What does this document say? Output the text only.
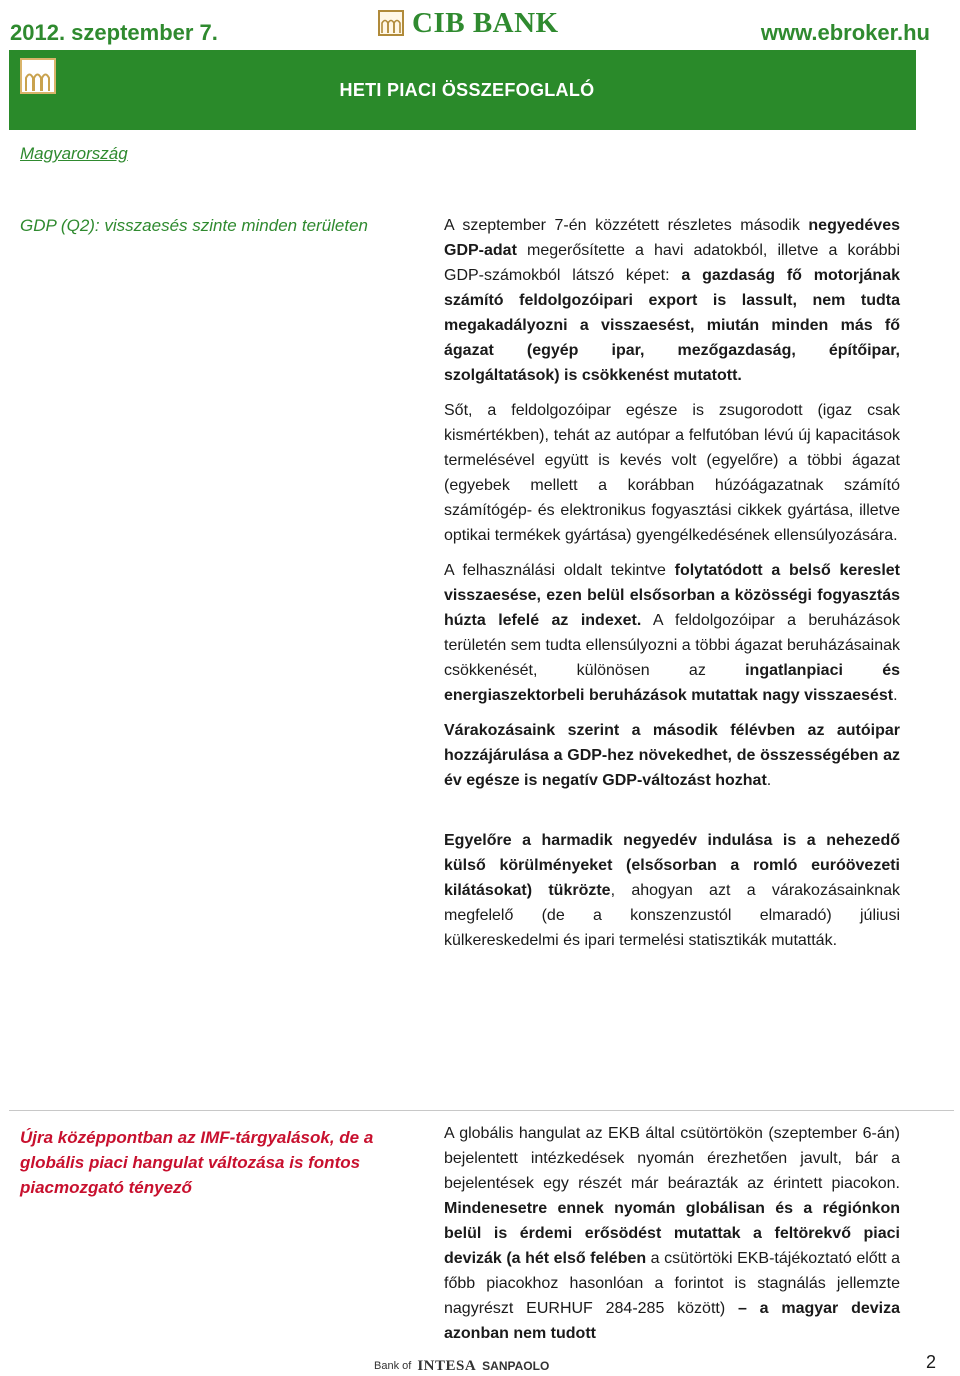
2012. szeptember 7.	CIB BANK	www.ebroker.hu
HETI PIACI ÖSSZEFOGLALÓ
Magyarország
GDP (Q2): visszaesés szinte minden területen	A szeptember 7-én közzétett részletes második negyedéves GDP-adat megerősítette a havi adatokból, illetve a korábbi GDP-számokból látszó képet: a gazdaság fő motorjának számító feldolgozóipari export is lassult, nem tudta megakadályozni a visszaesést, miután minden más fő ágazat (egyép ipar, mezőgazdaság, építőipar, szolgáltatások) is csökkenést mutatott.

Sőt, a feldolgozóipar egésze is zsugorodott (igaz csak kismértékben), tehát az autópar a felfutóban lévú új kapacitások termelésével együtt is kevés volt (egyelőre) a többi ágazat (egyebek mellett a korábban húzóágazatnak számító számítógép- és elektronikus fogyasztási cikkek gyártása, illetve optikai termékek gyártása) gyengélkedésének ellensúlyozására.

A felhasználási oldalt tekintve folytatódott a belső kereslet visszaesése, ezen belül elsősorban a közösségi fogyasztás húzta lefelé az indexet. A feldolgozóipar a beruházások területén sem tudta ellensúlyozni a többi ágazat beruházásainak csökkenését, különösen az ingatlanpiaci és energiaszektorbeli beruházások mutattak nagy visszaesést.

Várakozásaink szerint a második félévben az autóipar hozzájárulása a GDP-hez növekedhet, de összességében az év egésze is negatív GDP-változást hozhat.

Egyelőre a harmadik negyedév indulása is a nehezedő külső körülményeket (elsősorban a romló euróövezeti kilátásokat) tükrözte, ahogyan azt a várakozásainknak megfelelő (de a konszenzustól elmaradó) júliusi külkereskedelmi és ipari termelési statisztikák mutatták.

Újra középpontban az IMF-tárgyalások, de a globális piaci hangulat változása is fontos piacmozgató tényező

A globális hangulat az EKB által csütörtökön (szeptember 6-án) bejelentett intézkedések nyomán érezhetően javult, bár a bejelentések egy részét már beárazták az érintett piacokon. Mindenesetre ennek nyomán globálisan és a régiónkon belül is érdemi erősödést mutattak a feltörekvő piaci devizák (a hét első felében a csütörtöki EKB-tájékoztató előtt a főbb piacokhoz hasonlóan a forintot is stagnálás jellemzte nagyrészt EURHUF 284-285 között) – a magyar deviza azonban nem tudott

Bank of INTESA SANPAOLO	2
